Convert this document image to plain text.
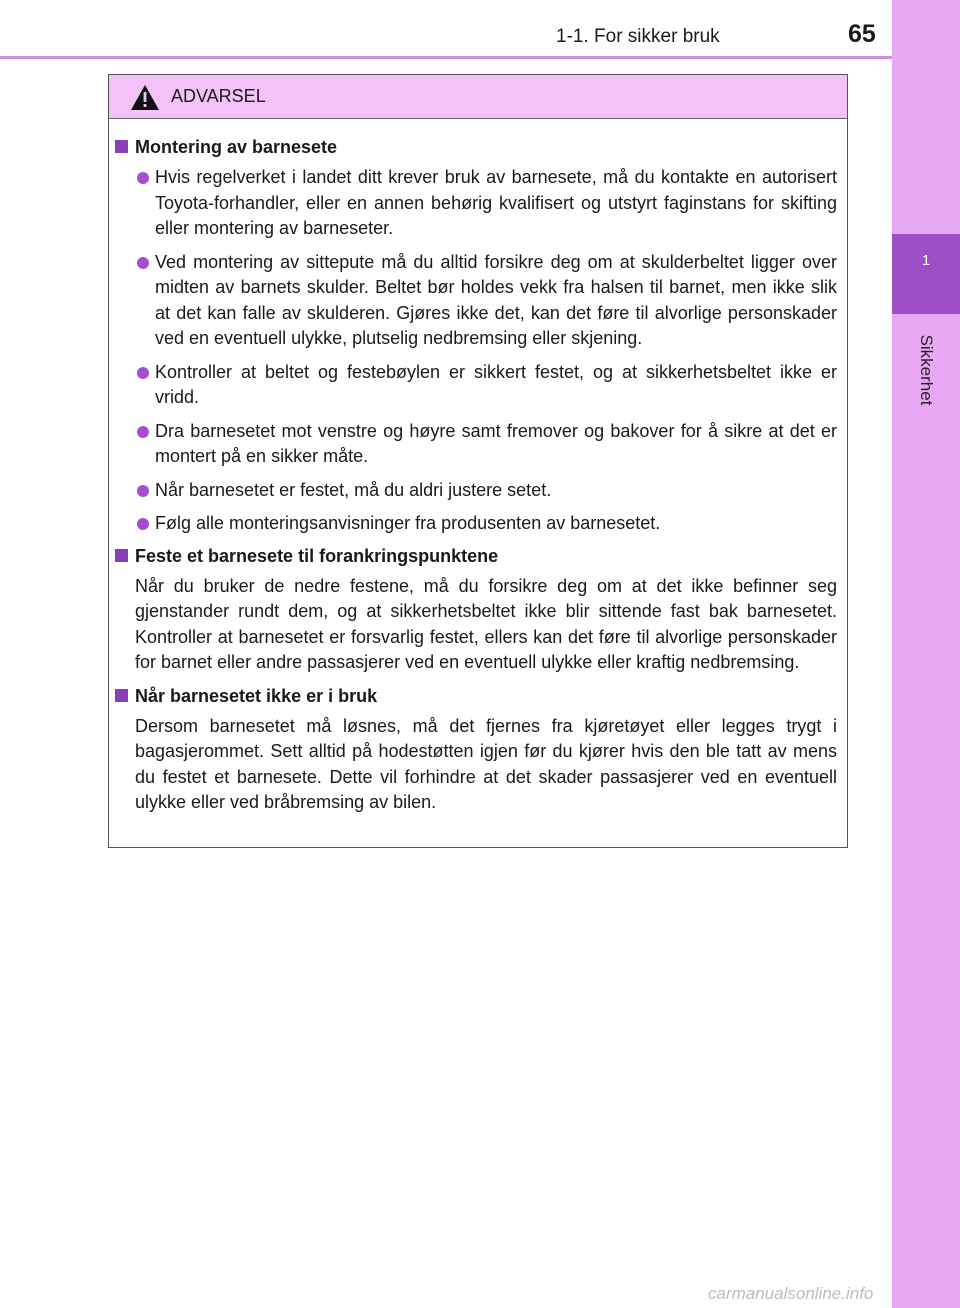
1
Sikkerhet
1-1. For sikker bruk	65
ADVARSEL
Montering av barnesete
Hvis regelverket i landet ditt krever bruk av barnesete, må du kontakte en autorisert Toyota-forhandler, eller en annen behørig kvalifisert og utstyrt faginstans for skifting eller montering av barneseter.
Ved montering av sittepute må du alltid forsikre deg om at skulderbeltet ligger over midten av barnets skulder. Beltet bør holdes vekk fra halsen til barnet, men ikke slik at det kan falle av skulderen. Gjøres ikke det, kan det føre til alvorlige personskader ved en eventuell ulykke, plutselig nedbremsing eller skjening.
Kontroller at beltet og festebøylen er sikkert festet, og at sikkerhetsbeltet ikke er vridd.
Dra barnesetet mot venstre og høyre samt fremover og bakover for å sikre at det er montert på en sikker måte.
Når barnesetet er festet, må du aldri justere setet.
Følg alle monteringsanvisninger fra produsenten av barnesetet.
Feste et barnesete til forankringspunktene
Når du bruker de nedre festene, må du forsikre deg om at det ikke befinner seg gjenstander rundt dem, og at sikkerhetsbeltet ikke blir sittende fast bak barnesetet. Kontroller at barnesetet er forsvarlig festet, ellers kan det føre til alvorlige personskader for barnet eller andre passasjerer ved en eventuell ulykke eller kraftig nedbremsing.
Når barnesetet ikke er i bruk
Dersom barnesetet må løsnes, må det fjernes fra kjøretøyet eller legges trygt i bagasjerommet. Sett alltid på hodestøtten igjen før du kjører hvis den ble tatt av mens du festet et barnesete. Dette vil forhindre at det skader passasjerer ved en eventuell ulykke eller ved bråbremsing av bilen.
carmanualsonline.info
